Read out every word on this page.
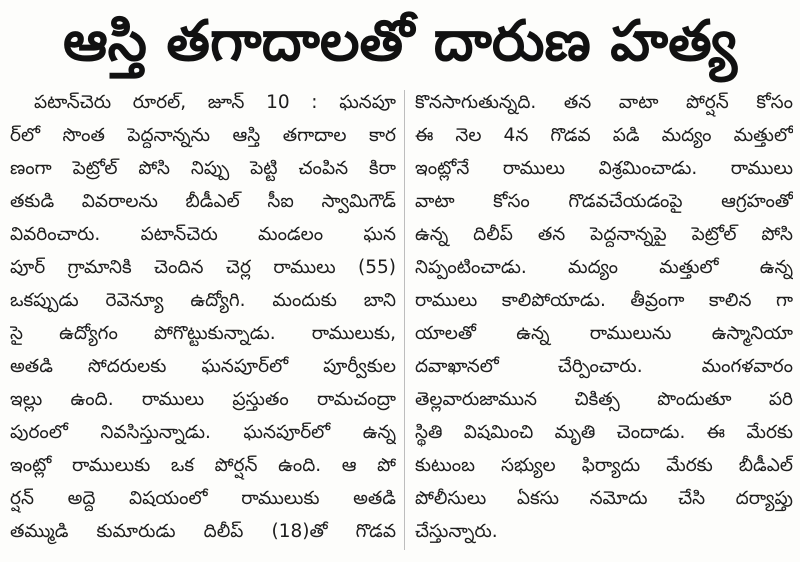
ఆస్తి తగాదాలతో దారుణ హత్య
పటాన్‌చెరు రూరల్, జూన్ 10 : ఘనపూ
ర్‌లో సొంత పెద్దనాన్నను ఆస్తి తగాదాల కార
ణంగా పెట్రోల్ పోసి నిప్పు పెట్టి చంపిన కిరా
తకుడి వివరాలను బీడీఎల్ సీఐ స్వామిగౌడ్
వివరించారు. పటాన్‌చెరు మండలం ఘన
పూర్ గ్రామానికి చెందిన చెర్ల రాములు (55)
ఒకప్పుడు రెవెన్యూ ఉద్యోగి. మందుకు బాని
సై ఉద్యోగం పోగొట్టుకున్నాడు. రాములుకు,
అతడి సోదరులకు ఘనపూర్‌లో పూర్వీకుల
ఇల్లు ఉంది. రాములు ప్రస్తుతం రామచంద్రా
పురంలో నివసిస్తున్నాడు. ఘనపూర్‌లో ఉన్న
ఇంట్లో రాములుకు ఒక పోర్షన్ ఉంది. ఆ పో
ర్షన్ అద్దె విషయంలో రాములుకు అతడి
తమ్ముడి కుమారుడు దిలీప్ (18)తో గొడవ
కొనసాగుతున్నది. తన వాటా పోర్షన్ కోసం
ఈ నెల 4న గొడవ పడి మద్యం మత్తులో
ఇంట్లోనే రాములు విశ్రమించాడు. రాములు
వాటా కోసం గొడవచేయడంపై ఆగ్రహంతో
ఉన్న దిలీప్ తన పెద్దనాన్నపై పెట్రోల్ పోసి
నిప్పంటించాడు. మద్యం మత్తులో ఉన్న
రాములు కాలిపోయాడు. తీవ్రంగా కాలిన గా
యాలతో ఉన్న రాములును ఉస్మానియా
దవాఖానలో చేర్పించారు. మంగళవారం
తెల్లవారుజామున చికిత్స పొందుతూ పరి
స్థితి విషమించి మృతి చెందాడు. ఈ మేరకు
కుటుంబ సభ్యుల ఫిర్యాదు మేరకు బీడీఎల్
పోలీసులు ఏకసు నమోదు చేసి దర్యాప్తు
చేస్తున్నారు.
